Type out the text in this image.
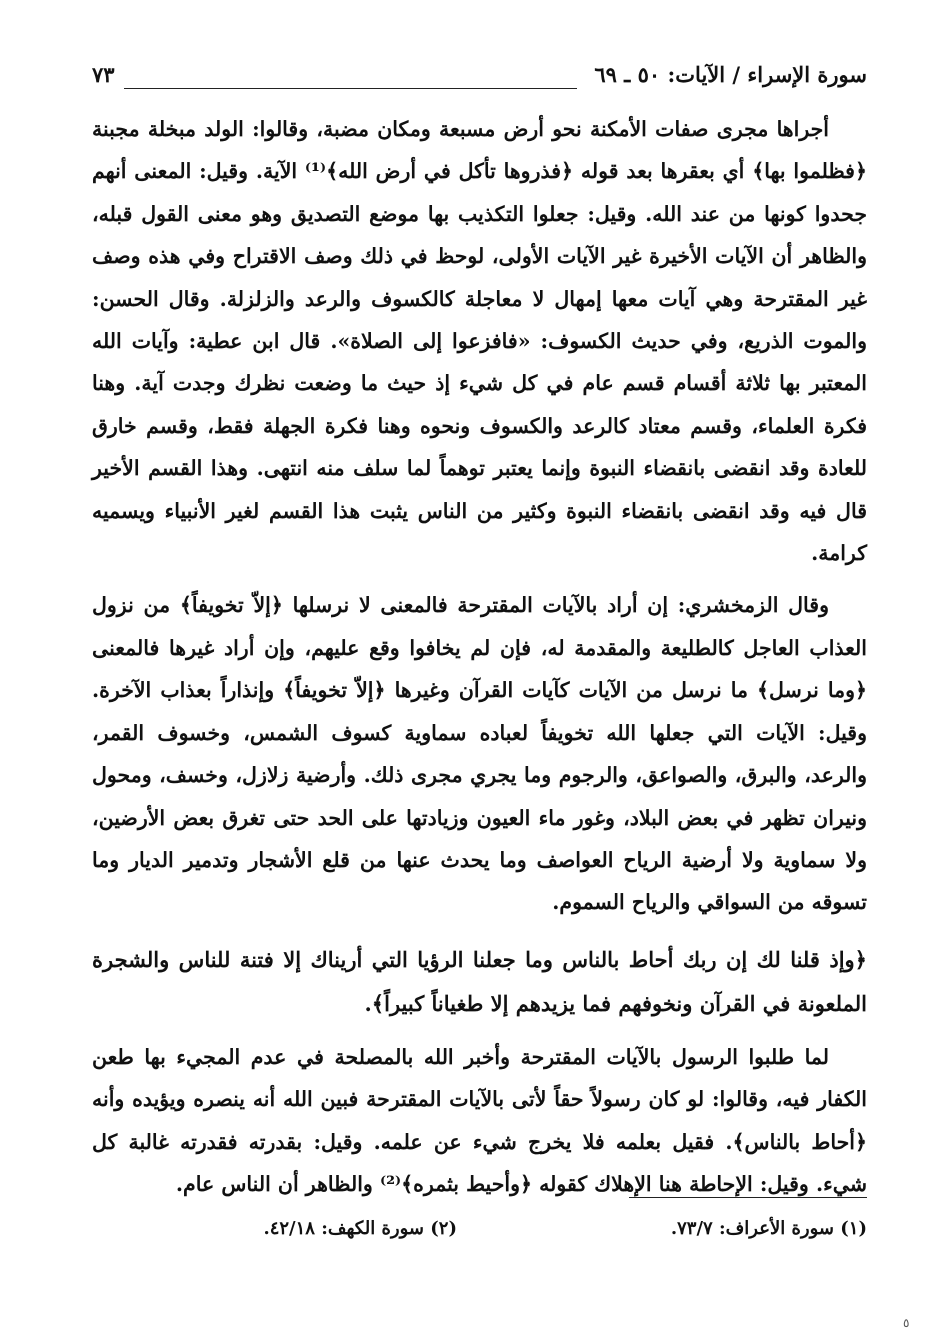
سورة الإسراء / الآيات: ٥٠ ـ ٦٩
٧٣

أجراها مجرى صفات الأمكنة نحو أرض مسبعة ومكان مضبة، وقالوا: الولد مبخلة مجبنة ﴿فظلموا بها﴾ أي بعقرها بعد قوله ﴿فذروها تأكل في أرض الله﴾⁽¹⁾ الآية. وقيل: المعنى أنهم جحدوا كونها من عند الله. وقيل: جعلوا التكذيب بها موضع التصديق وهو معنى القول قبله، والظاهر أن الآيات الأخيرة غير الآيات الأولى، لوحظ في ذلك وصف الاقتراح وفي هذه وصف غير المقترحة وهي آيات معها إمهال لا معاجلة كالكسوف والرعد والزلزلة. وقال الحسن: والموت الذريع، وفي حديث الكسوف: «فافزعوا إلى الصلاة». قال ابن عطية: وآيات الله المعتبر بها ثلاثة أقسام قسم عام في كل شيء إذ حيث ما وضعت نظرك وجدت آية. وهنا فكرة العلماء، وقسم معتاد كالرعد والكسوف ونحوه وهنا فكرة الجهلة فقط، وقسم خارق للعادة وقد انقضى بانقضاء النبوة وإنما يعتبر توهماً لما سلف منه انتهى. وهذا القسم الأخير قال فيه وقد انقضى بانقضاء النبوة وكثير من الناس يثبت هذا القسم لغير الأنبياء ويسميه كرامة.

وقال الزمخشري: إن أراد بالآيات المقترحة فالمعنى لا نرسلها ﴿إلاّ تخويفاً﴾ من نزول العذاب العاجل كالطليعة والمقدمة له، فإن لم يخافوا وقع عليهم، وإن أراد غيرها فالمعنى ﴿وما نرسل﴾ ما نرسل من الآيات كآيات القرآن وغيرها ﴿إلاّ تخويفاً﴾ وإنذاراً بعذاب الآخرة. وقيل: الآيات التي جعلها الله تخويفاً لعباده سماوية كسوف الشمس، وخسوف القمر، والرعد، والبرق، والصواعق، والرجوم وما يجري مجرى ذلك. وأرضية زلازل، وخسف، ومحول ونيران تظهر في بعض البلاد، وغور ماء العيون وزيادتها على الحد حتى تغرق بعض الأرضين، ولا سماوية ولا أرضية الرياح العواصف وما يحدث عنها من قلع الأشجار وتدمير الديار وما تسوقه من السواقي والرياح السموم.

﴿وإذ قلنا لك إن ربك أحاط بالناس وما جعلنا الرؤيا التي أريناك إلا فتنة للناس والشجرة الملعونة في القرآن ونخوفهم فما يزيدهم إلا طغياناً كبيراً﴾.

لما طلبوا الرسول بالآيات المقترحة وأخبر الله بالمصلحة في عدم المجيء بها طعن الكفار فيه، وقالوا: لو كان رسولاً حقاً لأتى بالآيات المقترحة فبين الله أنه ينصره ويؤيده وأنه ﴿أحاط بالناس﴾. فقيل بعلمه فلا يخرج شيء عن علمه. وقيل: بقدرته فقدرته غالبة كل شيء. وقيل: الإحاطة هنا الإهلاك كقوله ﴿وأحيط بثمره﴾⁽²⁾ والظاهر أن الناس عام.

(١) سورة الأعراف: ٧٣/٧.
(٢) سورة الكهف: ٤٢/١٨.
٥
